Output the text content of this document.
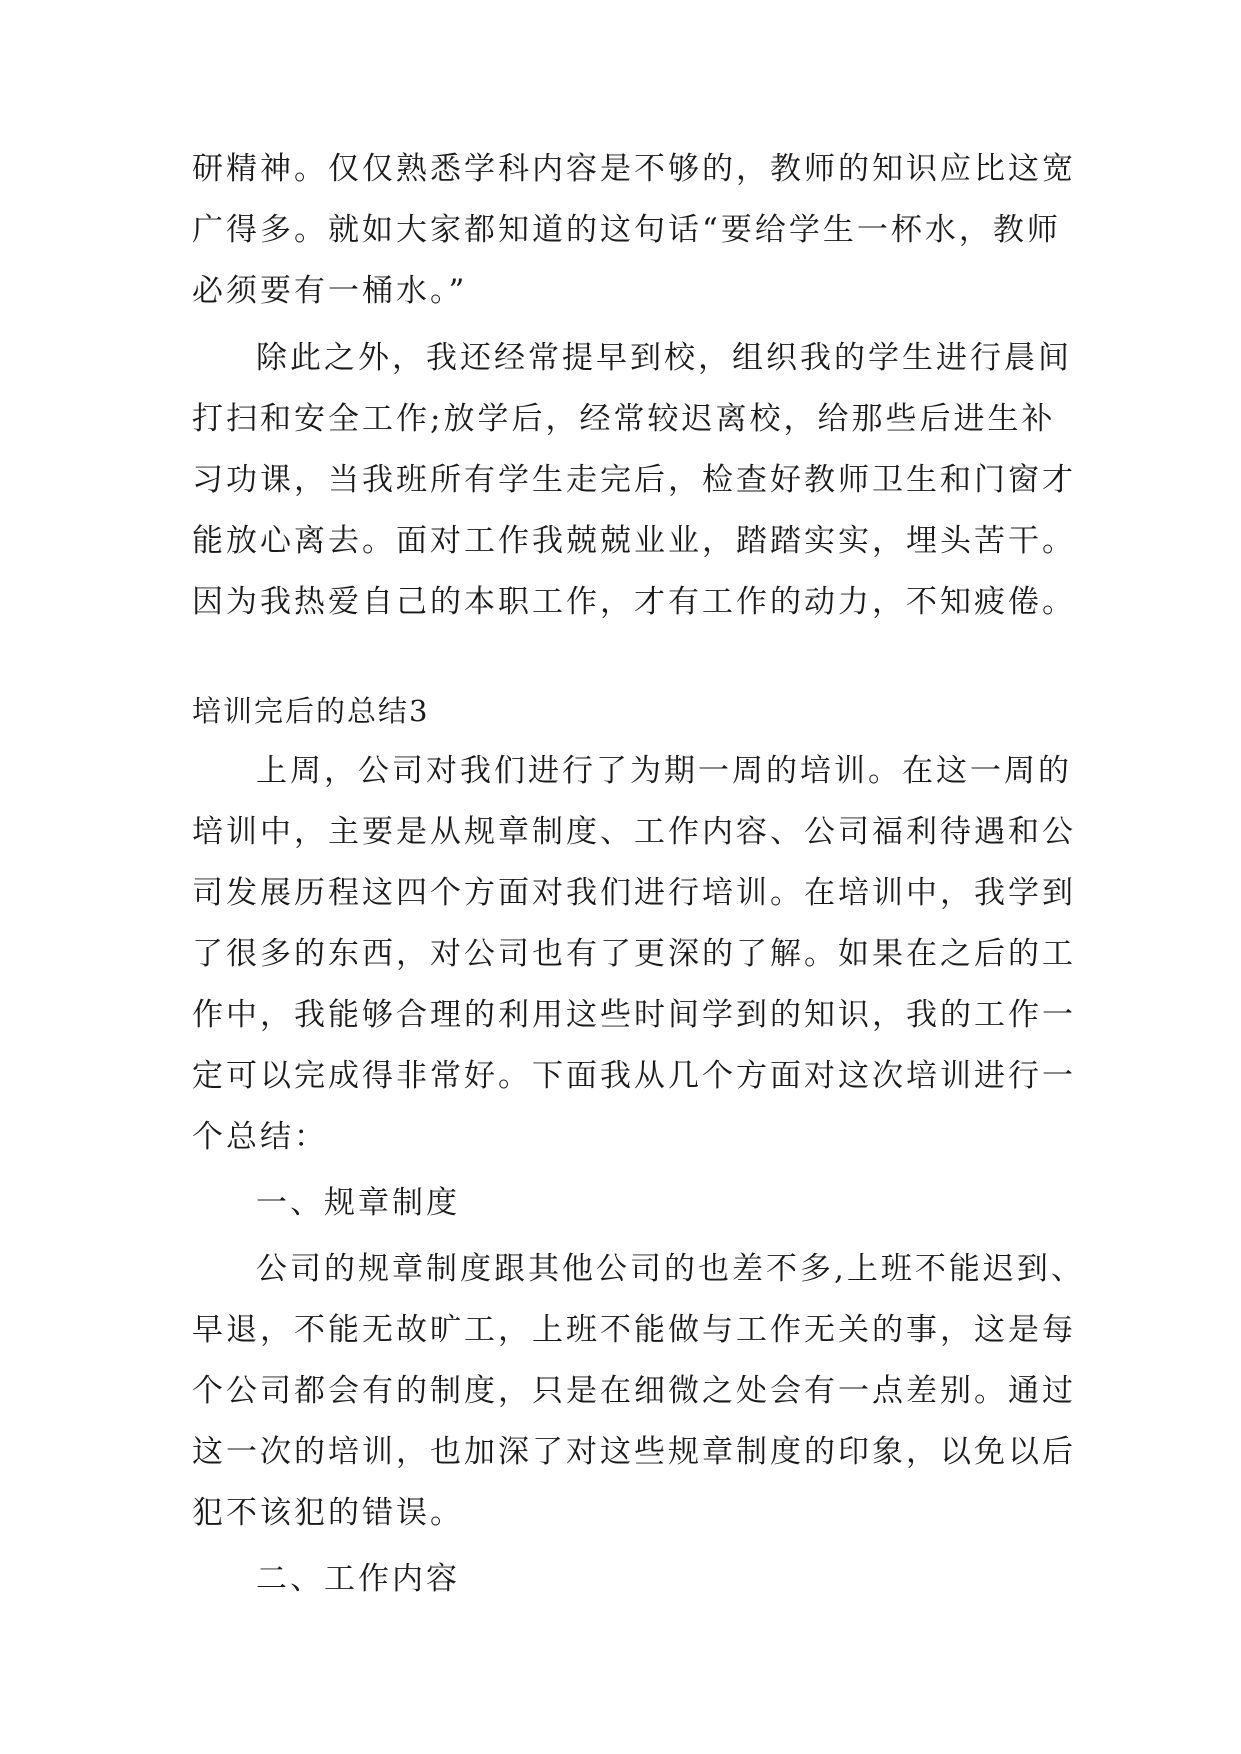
研精神。仅仅熟悉学科内容是不够的，教师的知识应比这宽
广得多。就如大家都知道的这句话“要给学生一杯水，教师
必须要有一桶水。”
除此之外，我还经常提早到校，组织我的学生进行晨间
打扫和安全工作;放学后，经常较迟离校，给那些后进生补
习功课，当我班所有学生走完后，检查好教师卫生和门窗才
能放心离去。面对工作我兢兢业业，踏踏实实，埋头苦干。
因为我热爱自己的本职工作，才有工作的动力，不知疲倦。
培训完后的总结3
上周，公司对我们进行了为期一周的培训。在这一周的
培训中，主要是从规章制度、工作内容、公司福利待遇和公
司发展历程这四个方面对我们进行培训。在培训中，我学到
了很多的东西，对公司也有了更深的了解。如果在之后的工
作中，我能够合理的利用这些时间学到的知识，我的工作一
定可以完成得非常好。下面我从几个方面对这次培训进行一
个总结：
一、规章制度
公司的规章制度跟其他公司的也差不多,上班不能迟到、
早退，不能无故旷工，上班不能做与工作无关的事，这是每
个公司都会有的制度，只是在细微之处会有一点差别。通过
这一次的培训，也加深了对这些规章制度的印象，以免以后
犯不该犯的错误。
二、工作内容
